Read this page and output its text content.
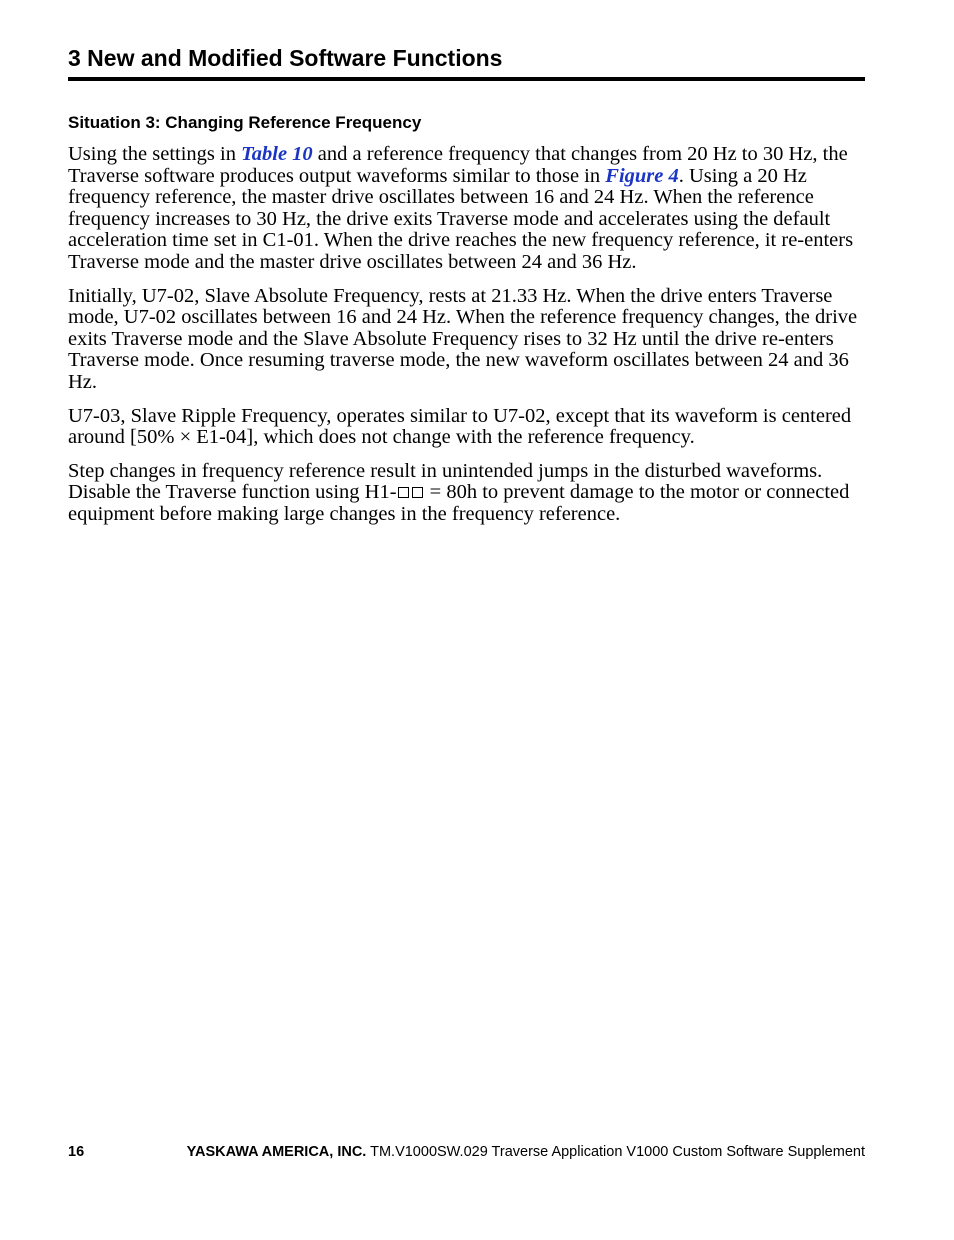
3 New and Modified Software Functions
Situation 3: Changing Reference Frequency

Using the settings in Table 10 and a reference frequency that changes from 20 Hz to 30 Hz, the Traverse software produces output waveforms similar to those in Figure 4. Using a 20 Hz frequency reference, the master drive oscillates between 16 and 24 Hz. When the reference frequency increases to 30 Hz, the drive exits Traverse mode and accelerates using the default acceleration time set in C1-01. When the drive reaches the new frequency reference, it re-enters Traverse mode and the master drive oscillates between 24 and 36 Hz.

Initially, U7-02, Slave Absolute Frequency, rests at 21.33 Hz. When the drive enters Traverse mode, U7-02 oscillates between 16 and 24 Hz. When the reference frequency changes, the drive exits Traverse mode and the Slave Absolute Frequency rises to 32 Hz until the drive re-enters Traverse mode. Once resuming traverse mode, the new waveform oscillates between 24 and 36 Hz.

U7-03, Slave Ripple Frequency, operates similar to U7-02, except that its waveform is centered around [50% × E1-04], which does not change with the reference frequency.

Step changes in frequency reference result in unintended jumps in the disturbed waveforms. Disable the Traverse function using H1- = 80h to prevent damage to the motor or connected equipment before making large changes in the frequency reference.

16	YASKAWA AMERICA, INC. TM.V1000SW.029 Traverse Application V1000 Custom Software Supplement
